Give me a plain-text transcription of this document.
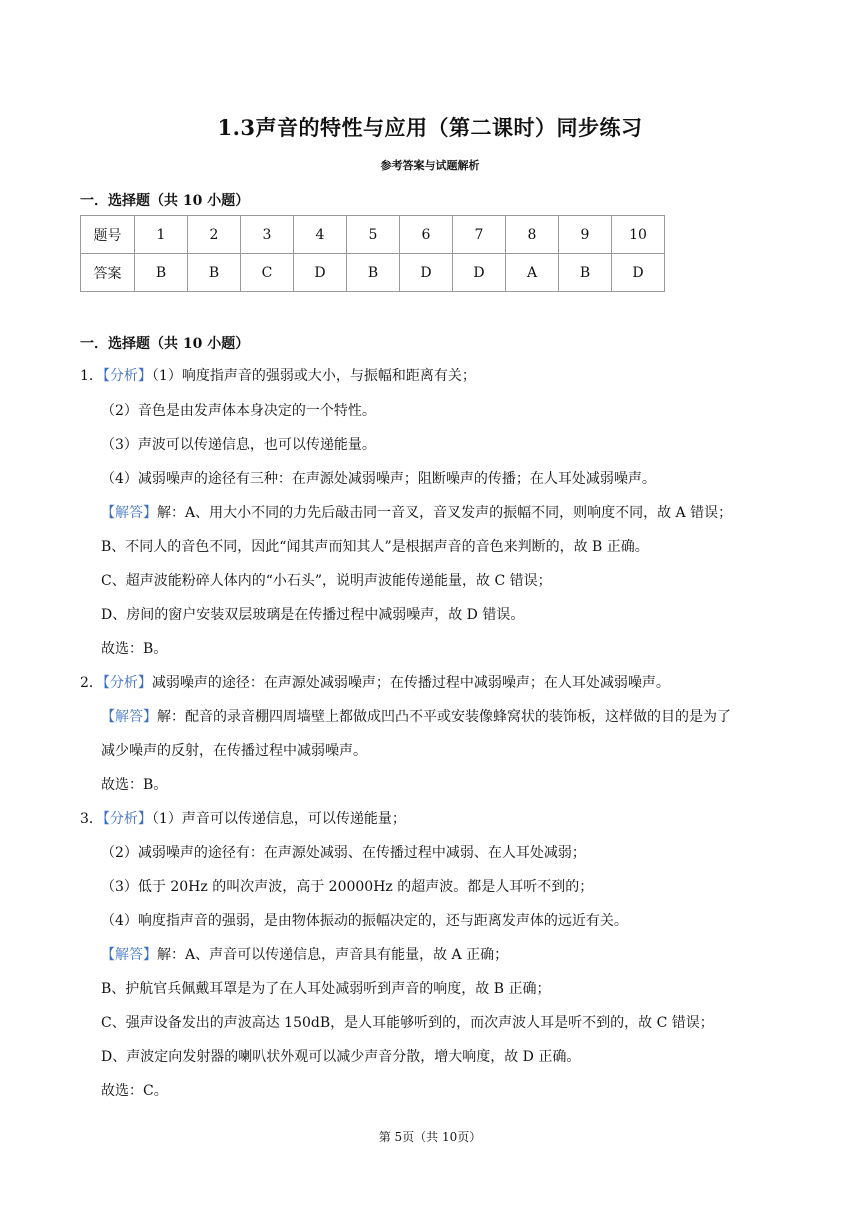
1.3声音的特性与应用（第二课时）同步练习
参考答案与试题解析
一．选择题（共 10 小题）
题号	1	2	3	4	5	6	7	8	9	10
答案	B	B	C	D	B	D	D	A	B	D
一．选择题（共 10 小题）
1．【分析】（1）响度指声音的强弱或大小，与振幅和距离有关；
（2）音色是由发声体本身决定的一个特性。
（3）声波可以传递信息，也可以传递能量。
（4）减弱噪声的途径有三种：在声源处减弱噪声；阻断噪声的传播；在人耳处减弱噪声。
【解答】解：A、用大小不同的力先后敲击同一音叉，音叉发声的振幅不同，则响度不同，故 A 错误；
B、不同人的音色不同，因此“闻其声而知其人”是根据声音的音色来判断的，故 B 正确。
C、超声波能粉碎人体内的“小石头”，说明声波能传递能量，故 C 错误；
D、房间的窗户安装双层玻璃是在传播过程中减弱噪声，故 D 错误。
故选：B。
2．【分析】减弱噪声的途径：在声源处减弱噪声；在传播过程中减弱噪声；在人耳处减弱噪声。
【解答】解：配音的录音棚四周墙壁上都做成凹凸不平或安装像蜂窝状的装饰板，这样做的目的是为了
减少噪声的反射，在传播过程中减弱噪声。
故选：B。
3．【分析】（1）声音可以传递信息，可以传递能量；
（2）减弱噪声的途径有：在声源处减弱、在传播过程中减弱、在人耳处减弱；
（3）低于 20Hz 的叫次声波，高于 20000Hz 的超声波。都是人耳听不到的；
（4）响度指声音的强弱，是由物体振动的振幅决定的，还与距离发声体的远近有关。
【解答】解：A、声音可以传递信息，声音具有能量，故 A 正确；
B、护航官兵佩戴耳罩是为了在人耳处减弱听到声音的响度，故 B 正确；
C、强声设备发出的声波高达 150dB，是人耳能够听到的，而次声波人耳是听不到的，故 C 错误；
D、声波定向发射器的喇叭状外观可以减少声音分散，增大响度，故 D 正确。
故选：C。
第 5页（共 10页）
